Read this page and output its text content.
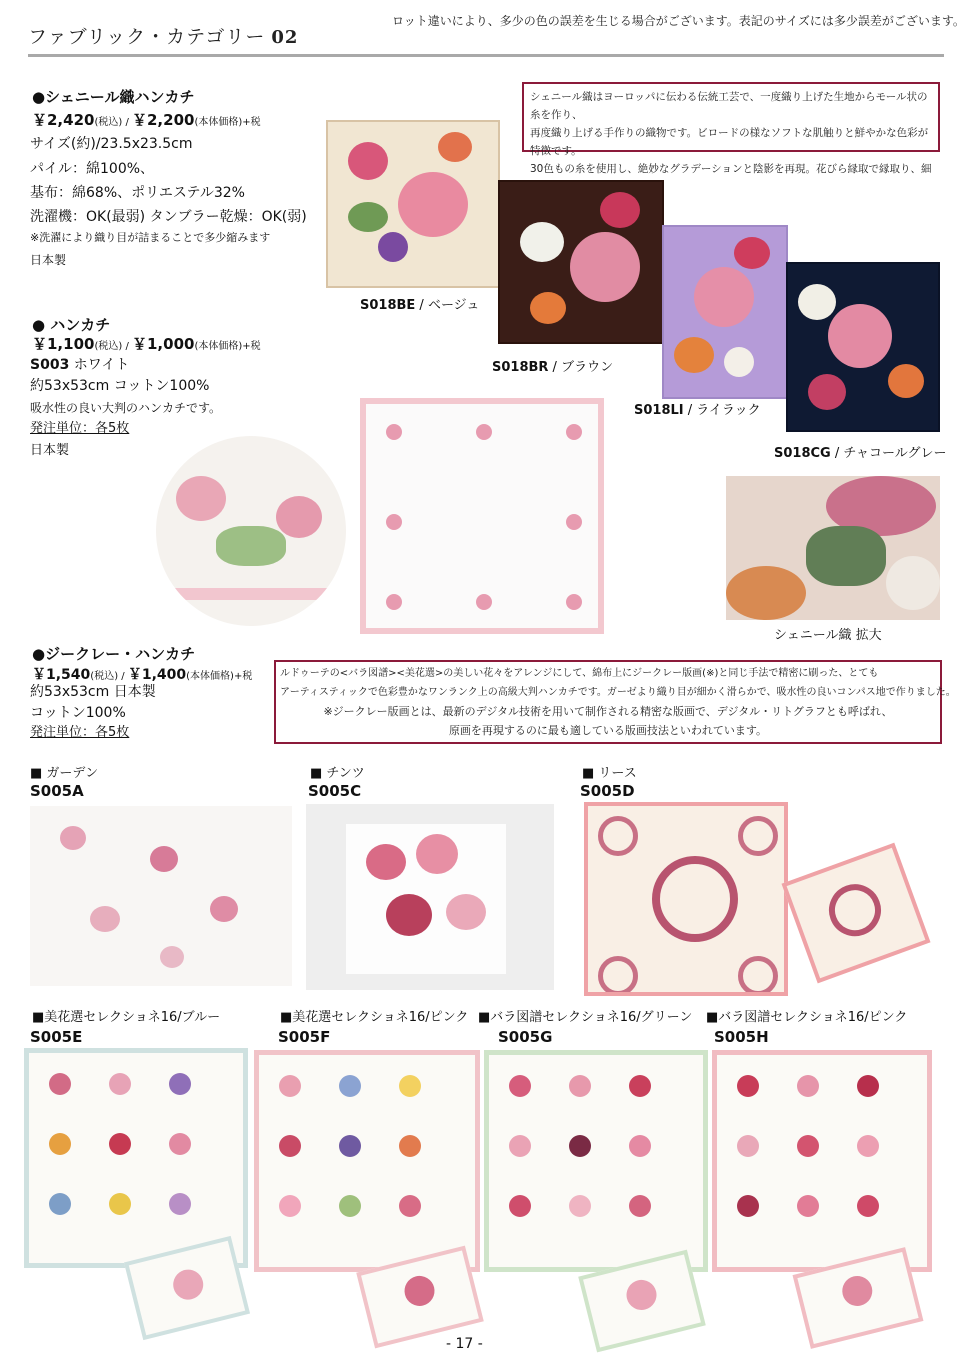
ファブリック・カテゴリー 02
ロット違いにより、多少の色の誤差を生じる場合がございます。表記のサイズには多少誤差がございます。
●シェニール織ハンカチ
￥2,420(税込) / ￥2,200(本体価格)+税
サイズ(約)/23.5x23.5cm
パイル：綿100%、
基布：綿68%、ポリエステル32%
洗濯機：OK(最弱) タンブラー乾燥：OK(弱)
※洗濯により織り目が詰まることで多少縮みます
日本製
シェニール織はヨーロッパに伝わる伝統工芸で、一度織り上げた生地からモール状の糸を作り、
再度織り上げる手作りの織物です。ビロードの様なソフトな肌触りと鮮やかな色彩が特徴です。
30色もの糸を使用し、絶妙なグラデーションと陰影を再現。花びら縁取で縁取り、細
S018BE / ベージュ
S018BR / ブラウン
S018LI / ライラック
S018CG / チャコールグレー
● ハンカチ
￥1,100(税込) / ￥1,000(本体価格)+税
S003 ホワイト
約53x53cm コットン100%
吸水性の良い大判のハンカチです。
発注単位：各5枚
日本製
シェニール織 拡大
●ジークレー・ハンカチ
￥1,540(税込) / ￥1,400(本体価格)+税
約53x53cm 日本製
コットン100%
発注単位：各5枚
ルドゥーテの<バラ図譜><美花選>の美しい花々をアレンジにして、綿布上にジークレー版画(※)と同じ手法で精密に刷った、とても
アーティスティックで色彩豊かなワンランク上の高級大判ハンカチです。ガーゼより織り目が細かく滑らかで、吸水性の良いコンパス地で作りました。
※ジークレー版画とは、最新のデジタル技術を用いて制作される精密な版画で、デジタル・リトグラフとも呼ばれ、
原画を再現するのに最も適している版画技法といわれています。
■ ガーデン
S005A
■ チンツ
S005C
■ リース
S005D
■美花選セレクショネ16/ブルー
S005E
■美花選セレクショネ16/ピンク
S005F
■バラ図譜セレクショネ16/グリーン
S005G
■バラ図譜セレクショネ16/ピンク
S005H
- 17 -
